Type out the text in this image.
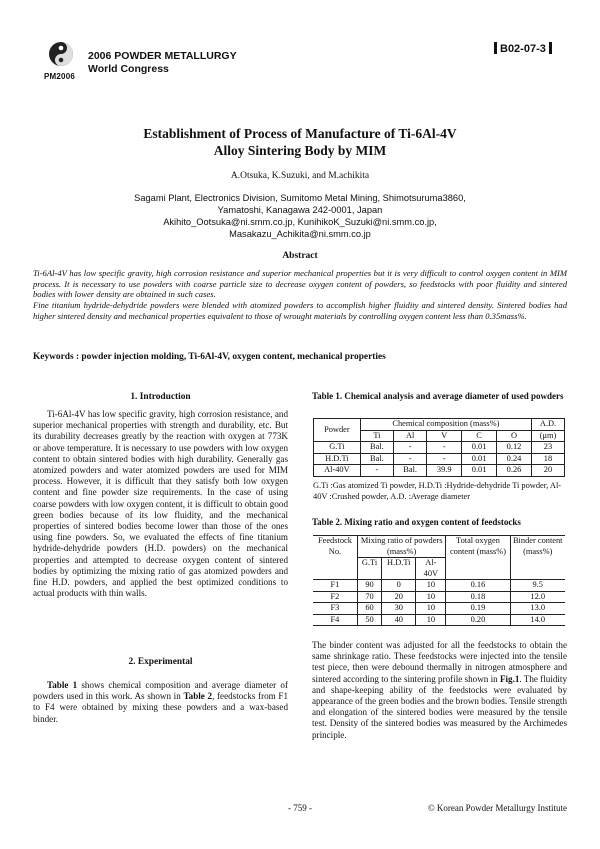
2006 POWDER METALLURGY
World Congress
PM2006
B02-07-3
Establishment of Process of Manufacture of Ti-6Al-4V
Alloy Sintering Body by MIM
A.Otsuka, K.Suzuki, and M.achikita
Sagami Plant, Electronics Division, Sumitomo Metal Mining, Shimotsuruma3860,
Yamatoshi, Kanagawa 242-0001, Japan
Akihito_Ootsuka@ni.smm.co.jp, KunihikoK_Suzuki@ni.smm.co.jp,
Masakazu_Achikita@ni.smm.co.jp
Abstract

Ti-6Al-4V has low specific gravity, high corrosion resistance and superior mechanical properties but it is very difficult to control oxygen content in MIM process. It is necessary to use powders with coarse particle size to decrease oxygen content of powders, so feedstocks with poor fluidity and sintered bodies with lower density are obtained in such cases.

Fine titanium hydride-dehydride powders were blended with atomized powders to accomplish higher fluidity and sintered density. Sintered bodies had higher sintered density and mechanical properties equivalent to those of wrought materials by controlling oxygen content less than 0.35mass%.

Keywords : powder injection molding, Ti-6Al-4V, oxygen content, mechanical properties
1. Introduction

Ti-6Al-4V has low specific gravity, high corrosion resistance, and superior mechanical properties with strength and durability, etc. But its durability decreases greatly by the reaction with oxygen at 773K or above temperature. It is necessary to use powders with low oxygen content to obtain sintered bodies with high durability. Generally gas atomized powders and water atomized powders are used for MIM process. However, it is difficult that they satisfy both low oxygen content and fine powder size requirements. In the case of using coarse powders with low oxygen content, it is difficult to obtain good green bodies because of its low fluidity, and the mechanical properties of sintered bodies become lower than those of the ones using fine powders. So, we evaluated the effects of fine titanium hydride-dehydride powders (H.D. powders) on the mechanical properties and attempted to decrease oxygen content of sintered bodies by optimizing the mixing ratio of gas atomized powders and fine H.D. powders, and applied the best optimized conditions to actual products with thin walls.

2. Experimental

Table 1 shows chemical composition and average diameter of powders used in this work. As shown in Table 2, feedstocks from F1 to F4 were obtained by mixing these powders and a wax-based binder.

Table 1. Chemical analysis and average diameter of used powders
Powder	Chemical composition (mass%)					A.D.
	Ti	Al	V	C	O	(μm)
G.Ti	Bal.	-	-	0.01	0.12	23
H.D.Ti	Bal.	-	-	0.01	0.24	18
Al-40V	-	Bal.	39.9	0.01	0.26	20
G.Ti :Gas atomized Ti powder, H.D.Ti :Hydride-dehydride Ti powder, Al-40V :Crushed powder, A.D. :Average diameter
Table 2. Mixing ratio and oxygen content of feedstocks
Feedstock No.	Mixing ratio of powders (mass%)			Total oxygen content (mass%)	Binder content (mass%)
	G.Ti	H.D.Ti	Al-40V		
F1	90	0	10	0.16	9.5
F2	70	20	10	0.18	12.0
F3	60	30	10	0.19	13.0
F4	50	40	10	0.20	14.0

The binder content was adjusted for all the feedstocks to obtain the same shrinkage ratio. These feedstocks were injected into the tensile test piece, then were debound thermally in nitrogen atmosphere and sintered according to the sintering profile shown in Fig.1. The fluidity and shape-keeping ability of the feedstocks were evaluated by appearance of the green bodies and the brown bodies. Tensile strength and elongation of the sintered bodies were measured by the tensile test. Density of the sintered bodies was measured by the Archimedes principle.

- 759 -	© Korean Powder Metallurgy Institute
